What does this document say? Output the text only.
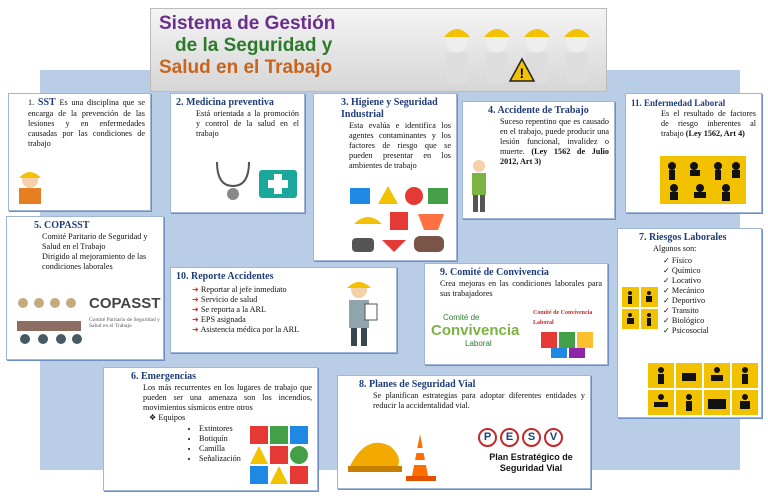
Sistema de Gestión
de la Seguridad y
Salud en el Trabajo	!
1. SST Es una disciplina que se encarga de la prevención de las lesiones y en enfermedades causadas por las condiciones de trabajo
2. Medicina preventiva
Está orientada a la promoción y control de la salud en el trabajo
3. Higiene y Seguridad Industrial
Esta evalúa e identifica los agentes contaminantes y los factores de riesgo que se pueden presentar en los ambientes de trabajo
4. Accidente de Trabajo
Suceso repentino que es causado en el trabajo, puede producir una lesión funcional, invalidez o muerte. (Ley 1562 de Julio 2012, Art 3)
11. Enfermedad Laboral
Es el resultado de factores de riesgo inherentes al trabajo (Ley 1562, Art 4)
5. COPASST
Comité Paritario de Seguridad y Salud en el Trabajo
Dirigido al mejoramiento de las condiciones laborales
COPASST
Comité Paritario de Seguridad y Salud en el Trabajo
10. Reporte Accidentes
➜ Reportar al jefe inmediato
➜ Servicio de salud
➜ Se reporta a la ARL
➜ EPS asignada
➜ Asistencia médica por la ARL
9. Comité de Convivencia
Crea mejoras en las condiciones laborales para sus trabajadores
Comité de
Convivencia
Laboral
Comité de Convivencia Laboral
7. Riesgos Laborales
Algunos son:
✓ Físico
✓ Químico
✓ Locativo
✓ Mecánico
✓ Deportivo
✓ Transito
✓ Biológico
✓ Psicosocial
6. Emergencias
Los más recurrentes en los lugares de trabajo que pueden ser una amenaza son los incendios, movimientos sísmicos entre otros
❖ Equipos
• Extintores
• Botiquín
• Camilla
• Señalización
8. Planes de Seguridad Vial
Se planifican estrategias para adoptar diferentes entidades y reducir la accidentalidad vial.
P	E	S	V
Plan Estratégico de
Seguridad Vial
